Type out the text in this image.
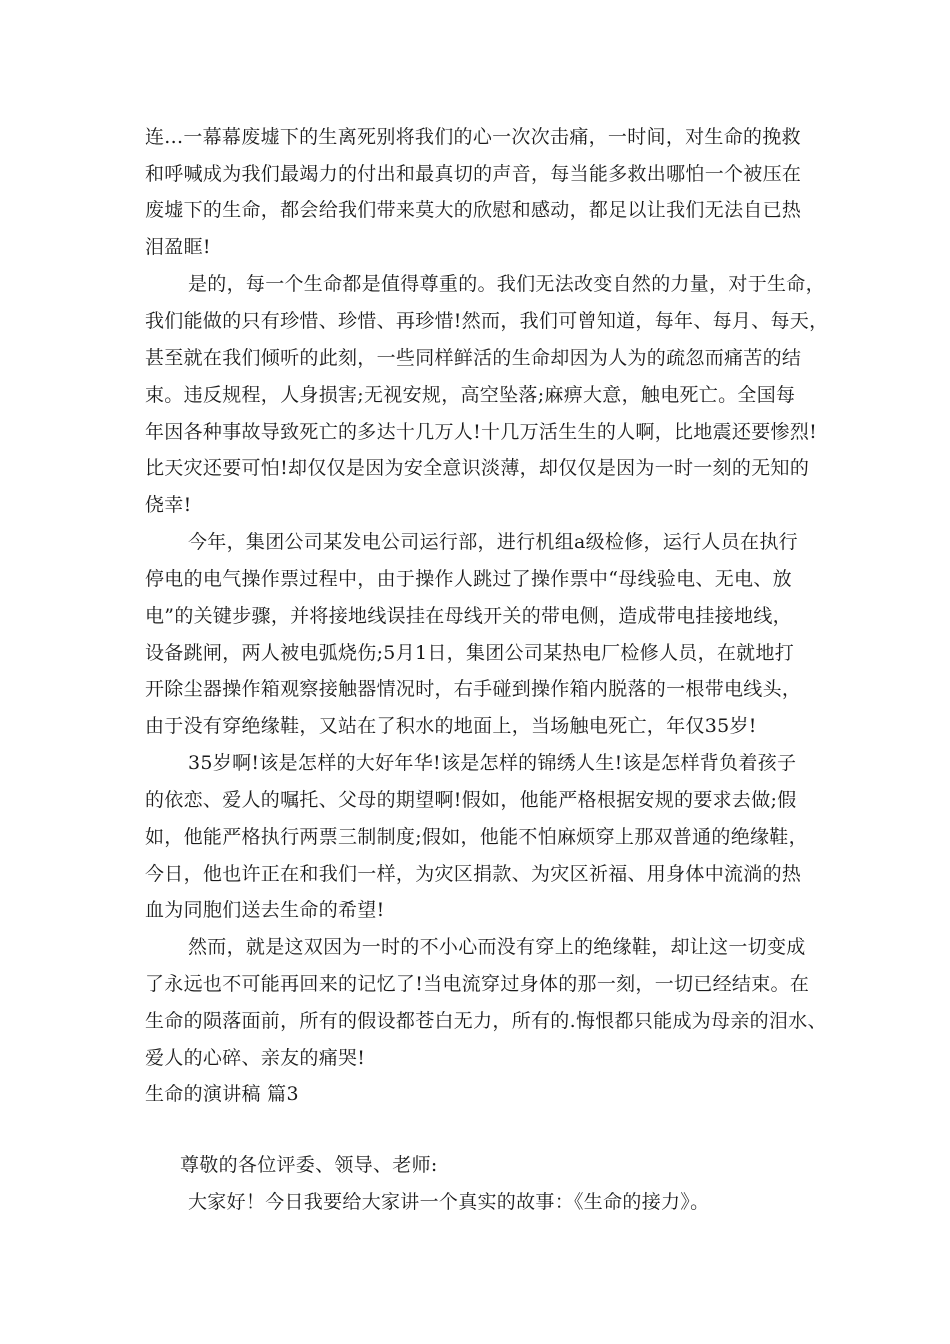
连...一幕幕废墟下的生离死别将我们的心一次次击痛，一时间，对生命的挽救
和呼喊成为我们最竭力的付出和最真切的声音，每当能多救出哪怕一个被压在
废墟下的生命，都会给我们带来莫大的欣慰和感动，都足以让我们无法自已热
泪盈眶!
是的，每一个生命都是值得尊重的。我们无法改变自然的力量，对于生命，
我们能做的只有珍惜、珍惜、再珍惜!然而，我们可曾知道，每年、每月、每天，
甚至就在我们倾听的此刻，一些同样鲜活的生命却因为人为的疏忽而痛苦的结
束。违反规程，人身损害;无视安规，高空坠落;麻痹大意，触电死亡。全国每
年因各种事故导致死亡的多达十几万人!十几万活生生的人啊，比地震还要惨烈!
比天灾还要可怕!却仅仅是因为安全意识淡薄，却仅仅是因为一时一刻的无知的
侥幸!
今年，集团公司某发电公司运行部，进行机组a级检修，运行人员在执行
停电的电气操作票过程中，由于操作人跳过了操作票中“母线验电、无电、放
电”的关键步骤，并将接地线误挂在母线开关的带电侧，造成带电挂接地线，
设备跳闸，两人被电弧烧伤;5月1日，集团公司某热电厂检修人员，在就地打
开除尘器操作箱观察接触器情况时，右手碰到操作箱内脱落的一根带电线头，
由于没有穿绝缘鞋，又站在了积水的地面上，当场触电死亡，年仅35岁!
35岁啊!该是怎样的大好年华!该是怎样的锦绣人生!该是怎样背负着孩子
的依恋、爱人的嘱托、父母的期望啊!假如，他能严格根据安规的要求去做;假
如，他能严格执行两票三制制度;假如，他能不怕麻烦穿上那双普通的绝缘鞋，
今日，他也许正在和我们一样，为灾区捐款、为灾区祈福、用身体中流淌的热
血为同胞们送去生命的希望!
然而，就是这双因为一时的不小心而没有穿上的绝缘鞋，却让这一切变成
了永远也不可能再回来的记忆了!当电流穿过身体的那一刻，一切已经结束。在
生命的陨落面前，所有的假设都苍白无力，所有的.悔恨都只能成为母亲的泪水、
爱人的心碎、亲友的痛哭!
生命的演讲稿 篇3
尊敬的各位评委、领导、老师:
大家好！今日我要给大家讲一个真实的故事：《生命的接力》。
